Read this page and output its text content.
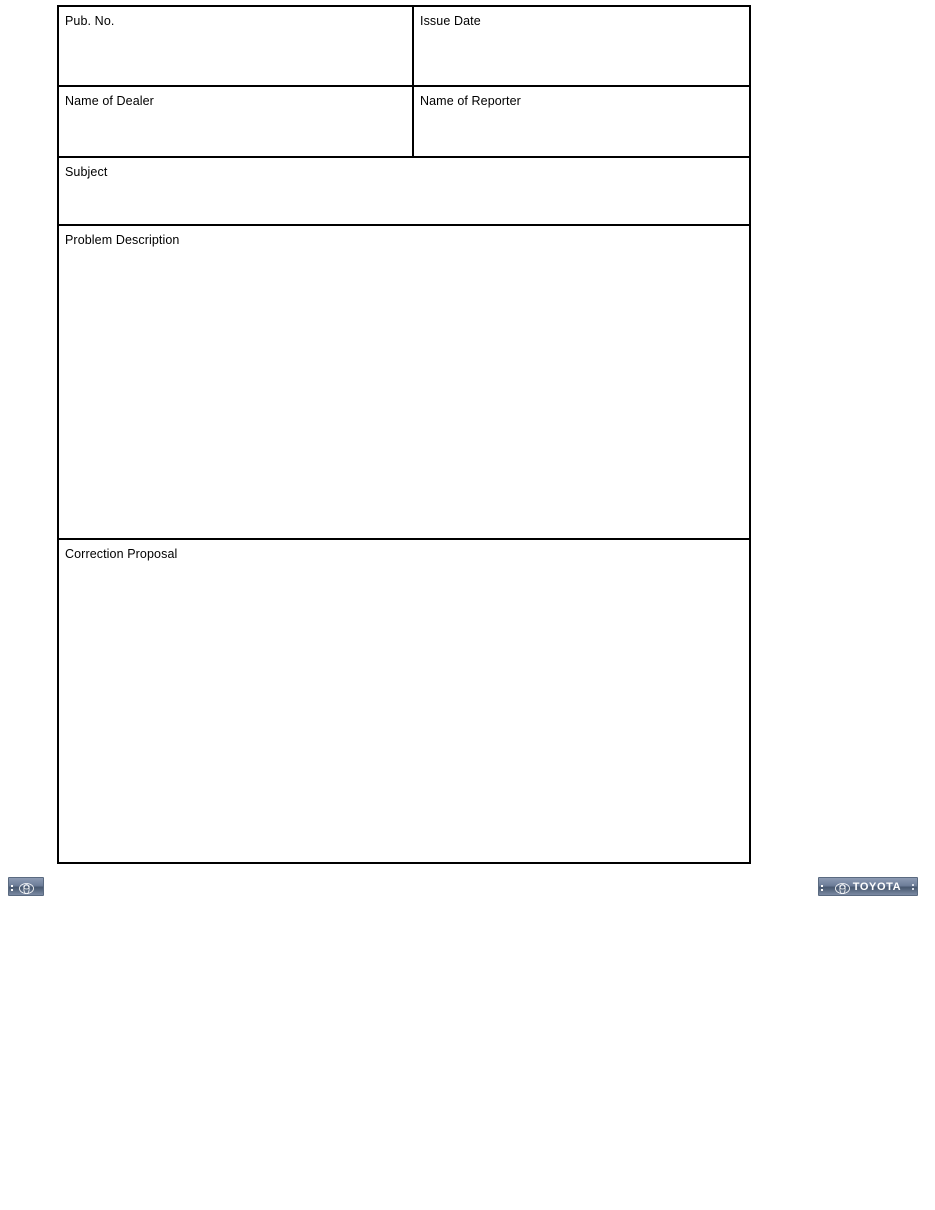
Pub. No.	Issue Date
Name of Dealer	Name of Reporter
Subject
Problem Description
Correction Proposal
TOYOTA
